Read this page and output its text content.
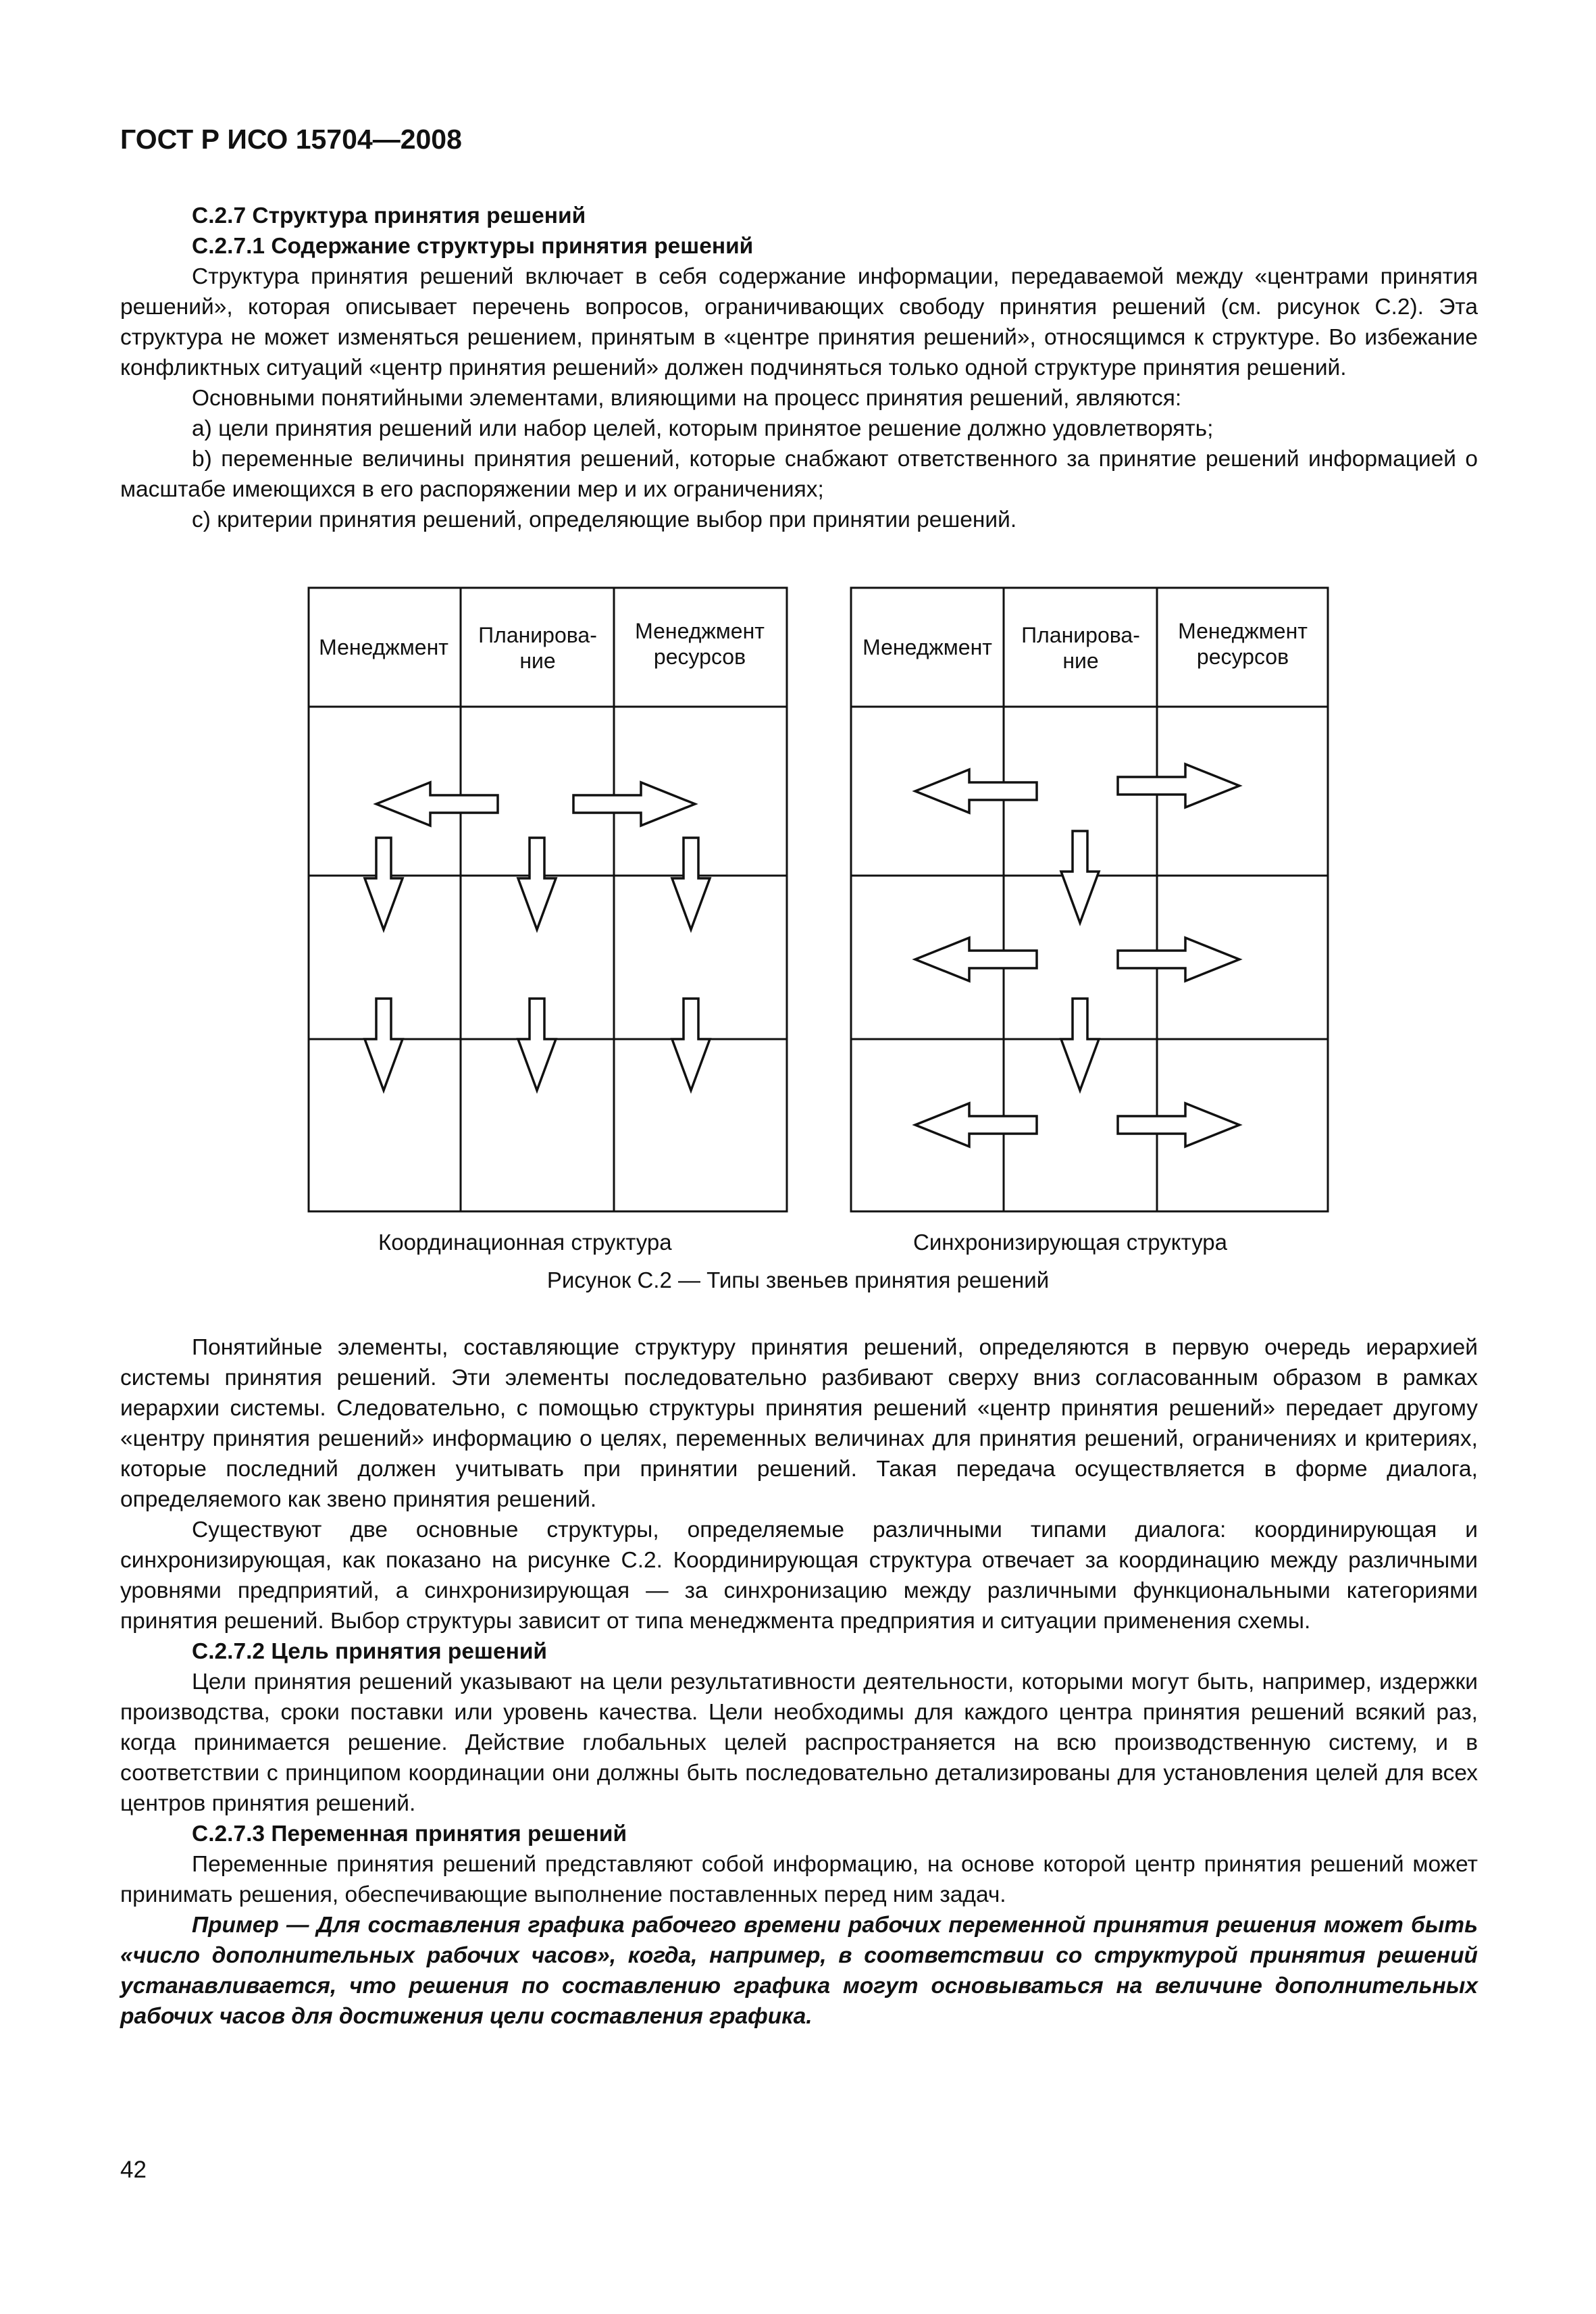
ГОСТ Р ИСО 15704—2008

С.2.7 Структура принятия решений

С.2.7.1 Содержание структуры принятия решений

Структура принятия решений включает в себя содержание информации, передаваемой между «центрами принятия решений», которая описывает перечень вопросов, ограничивающих свободу принятия решений (см. рисунок С.2). Эта структура не может изменяться решением, принятым в «центре принятия решений», относящимся к структуре. Во избежание конфликтных ситуаций «центр принятия решений» должен подчиняться только одной структуре принятия решений.

Основными понятийными элементами, влияющими на процесс принятия решений, являются:

а) цели принятия решений или набор целей, которым принятое решение должно удовлетворять;

b) переменные величины принятия решений, которые снабжают ответственного за принятие решений информацией о масштабе имеющихся в его распоряжении мер и их ограничениях;

с) критерии принятия решений, определяющие выбор при принятии решений.

Менеджмент Планирова-
ние
Менеджмент
ресурсов	Менеджмент Планирова-
ние
Менеджмент
ресурсов
Координационная структура	Синхронизирующая структура
Рисунок С.2 — Типы звеньев принятия решений

Понятийные элементы, составляющие структуру принятия решений, определяются в первую очередь иерархией системы принятия решений. Эти элементы последовательно разбивают сверху вниз согласованным образом в рамках иерархии системы. Следовательно, с помощью структуры принятия решений «центр принятия решений» передает другому «центру принятия решений» информацию о целях, переменных величинах для принятия решений, ограничениях и критериях, которые последний должен учитывать при принятии решений. Такая передача осуществляется в форме диалога, определяемого как звено принятия решений.

Существуют две основные структуры, определяемые различными типами диалога: координирующая и синхронизирующая, как показано на рисунке С.2. Координирующая структура отвечает за координацию между различными уровнями предприятий, а синхронизирующая — за синхронизацию между различными функциональными категориями принятия решений. Выбор структуры зависит от типа менеджмента предприятия и ситуации применения схемы.

С.2.7.2 Цель принятия решений

Цели принятия решений указывают на цели результативности деятельности, которыми могут быть, например, издержки производства, сроки поставки или уровень качества. Цели необходимы для каждого центра принятия решений всякий раз, когда принимается решение. Действие глобальных целей распространяется на всю производственную систему, и в соответствии с принципом координации они должны быть последовательно детализированы для установления целей для всех центров принятия решений.

С.2.7.3 Переменная принятия решений

Переменные принятия решений представляют собой информацию, на основе которой центр принятия решений может принимать решения, обеспечивающие выполнение поставленных перед ним задач.

Пример — Для составления графика рабочего времени рабочих переменной принятия решения может быть «число дополнительных рабочих часов», когда, например, в соответствии со структурой принятия решений устанавливается, что решения по составлению графика могут основываться на величине дополнительных рабочих часов для достижения цели составления графика.

42
